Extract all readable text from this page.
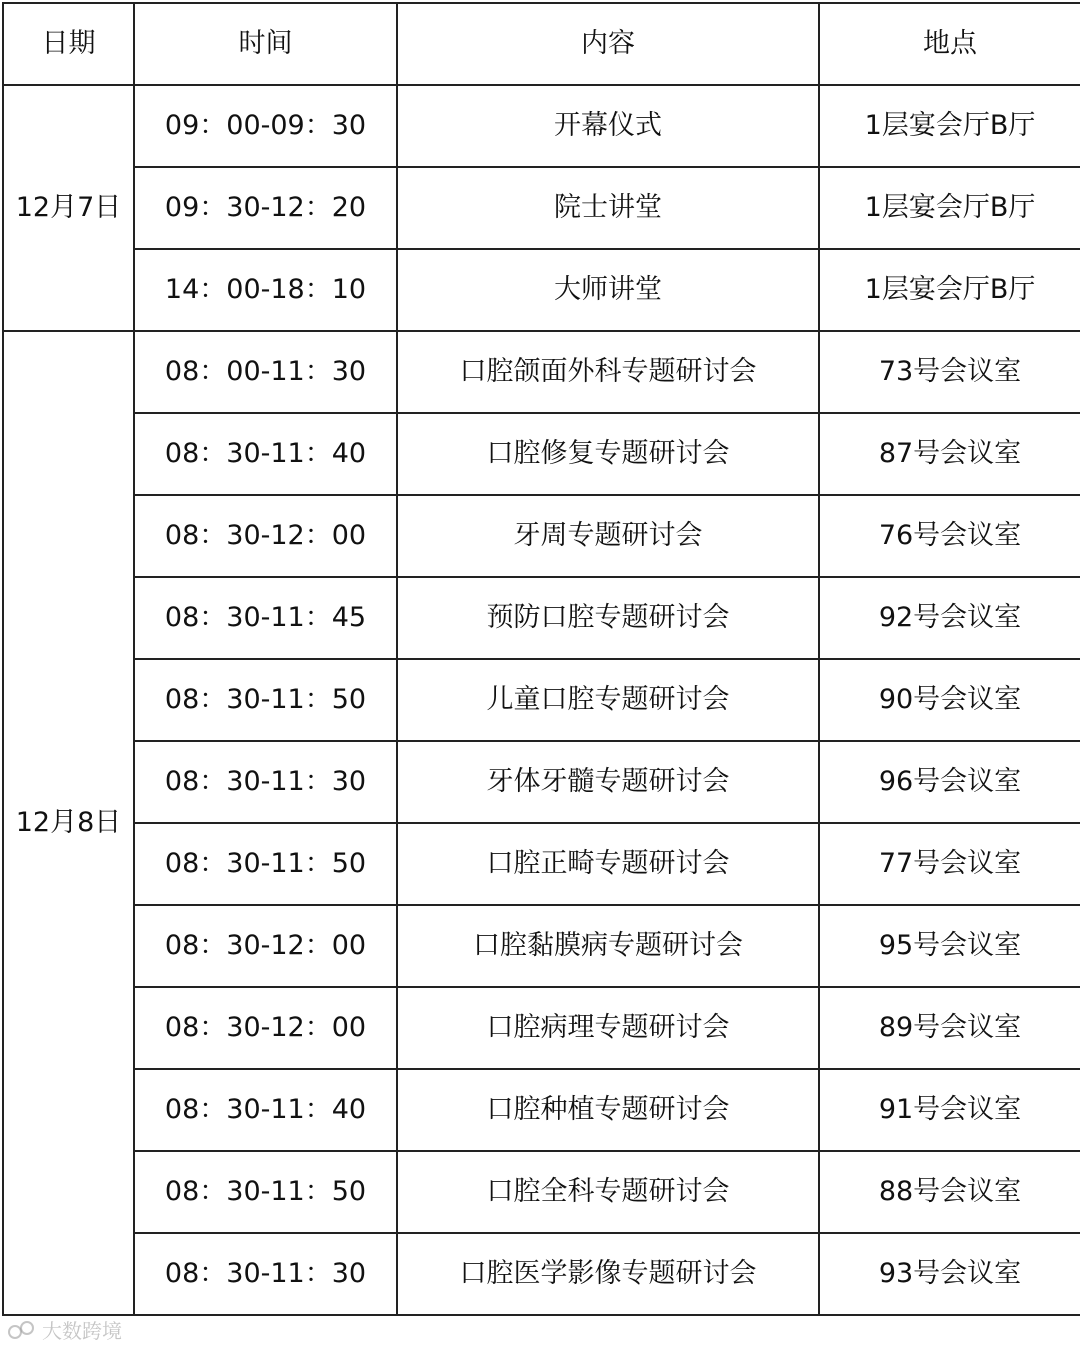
日期	时间	内容	地点
12月7日	09：00-09：30	开幕仪式	1层宴会厅B厅
	09：30-12：20	院士讲堂	1层宴会厅B厅
	14：00-18：10	大师讲堂	1层宴会厅B厅
12月8日	08：00-11：30	口腔颌面外科专题研讨会	73号会议室
	08：30-11：40	口腔修复专题研讨会	87号会议室
	08：30-12：00	牙周专题研讨会	76号会议室
	08：30-11：45	预防口腔专题研讨会	92号会议室
	08：30-11：50	儿童口腔专题研讨会	90号会议室
	08：30-11：30	牙体牙髓专题研讨会	96号会议室
	08：30-11：50	口腔正畸专题研讨会	77号会议室
	08：30-12：00	口腔黏膜病专题研讨会	95号会议室
	08：30-12：00	口腔病理专题研讨会	89号会议室
	08：30-11：40	口腔种植专题研讨会	91号会议室
	08：30-11：50	口腔全科专题研讨会	88号会议室
	08：30-11：30	口腔医学影像专题研讨会	93号会议室
大数跨境
